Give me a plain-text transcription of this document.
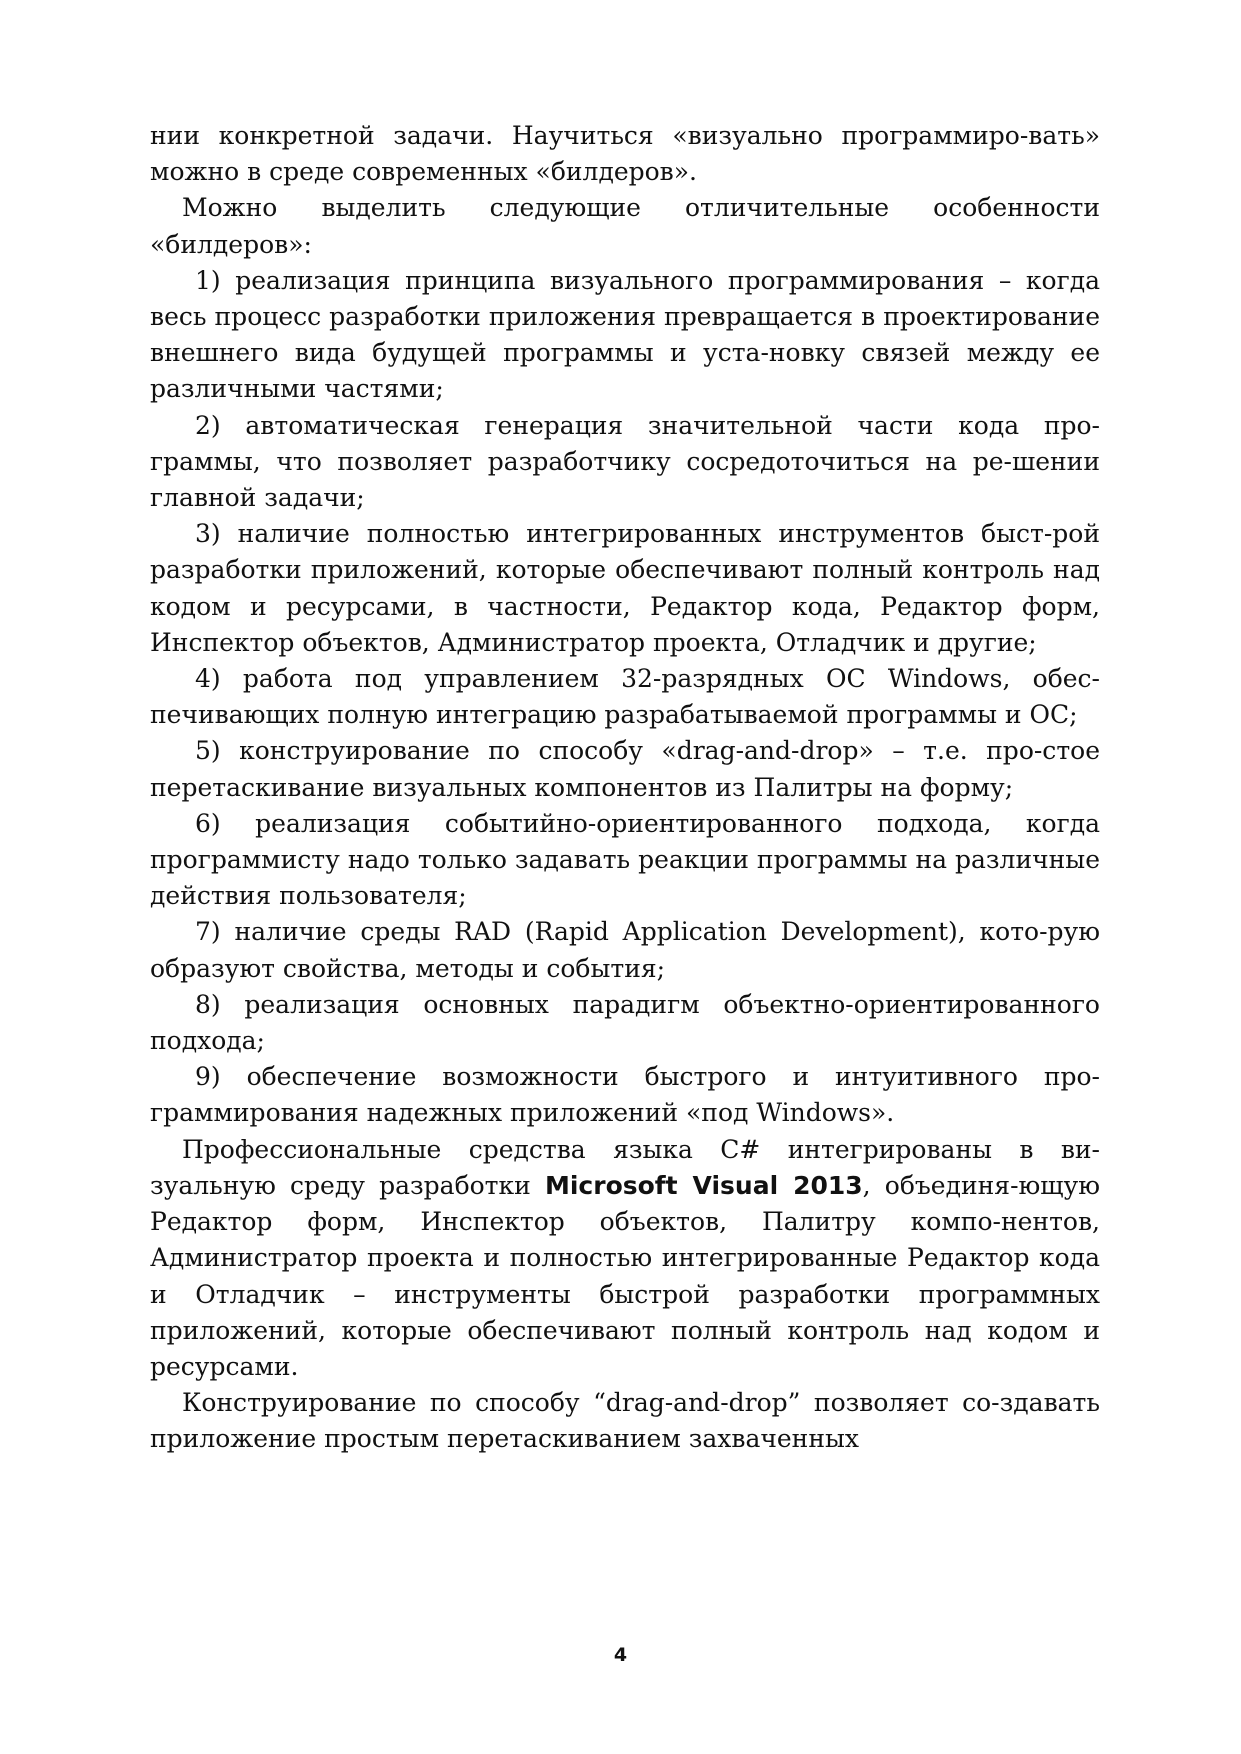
нии конкретной задачи. Научиться «визуально программиро-вать» можно в среде современных «билдеров».

Можно выделить следующие отличительные особенности «билдеров»:

1) реализация принципа визуального программирования – когда весь процесс разработки приложения превращается в проектирование внешнего вида будущей программы и уста-новку связей между ее различными частями;
2) автоматическая генерация значительной части кода про-граммы, что позволяет разработчику сосредоточиться на ре-шении главной задачи;
3) наличие полностью интегрированных инструментов быст-рой разработки приложений, которые обеспечивают полный контроль над кодом и ресурсами, в частности, Редактор кода, Редактор форм, Инспектор объектов, Администратор проекта, Отладчик и другие;
4) работа под управлением 32-разрядных ОС Windows, обес-печивающих полную интеграцию разрабатываемой программы и ОС;
5) конструирование по способу «drag-and-drop» – т.е. про-стое перетаскивание визуальных компонентов из Палитры на форму;
6) реализация событийно-ориентированного подхода, когда программисту надо только задавать реакции программы на различные действия пользователя;
7) наличие среды RAD (Rapid Application Development), кото-рую образуют свойства, методы и события;
8) реализация основных парадигм объектно-ориентированного подхода;
9) обеспечение возможности быстрого и интуитивного про-граммирования надежных приложений «под Windows».

Профессиональные средства языка C# интегрированы в ви-зуальную среду разработки Microsoft Visual 2013, объединя-ющую Редактор форм, Инспектор объектов, Палитру компо-нентов, Администратор проекта и полностью интегрированные Редактор кода и Отладчик – инструменты быстрой разработки программных приложений, которые обеспечивают полный контроль над кодом и ресурсами.

Конструирование по способу “drag-and-drop” позволяет со-здавать приложение простым перетаскиванием захваченных

4
